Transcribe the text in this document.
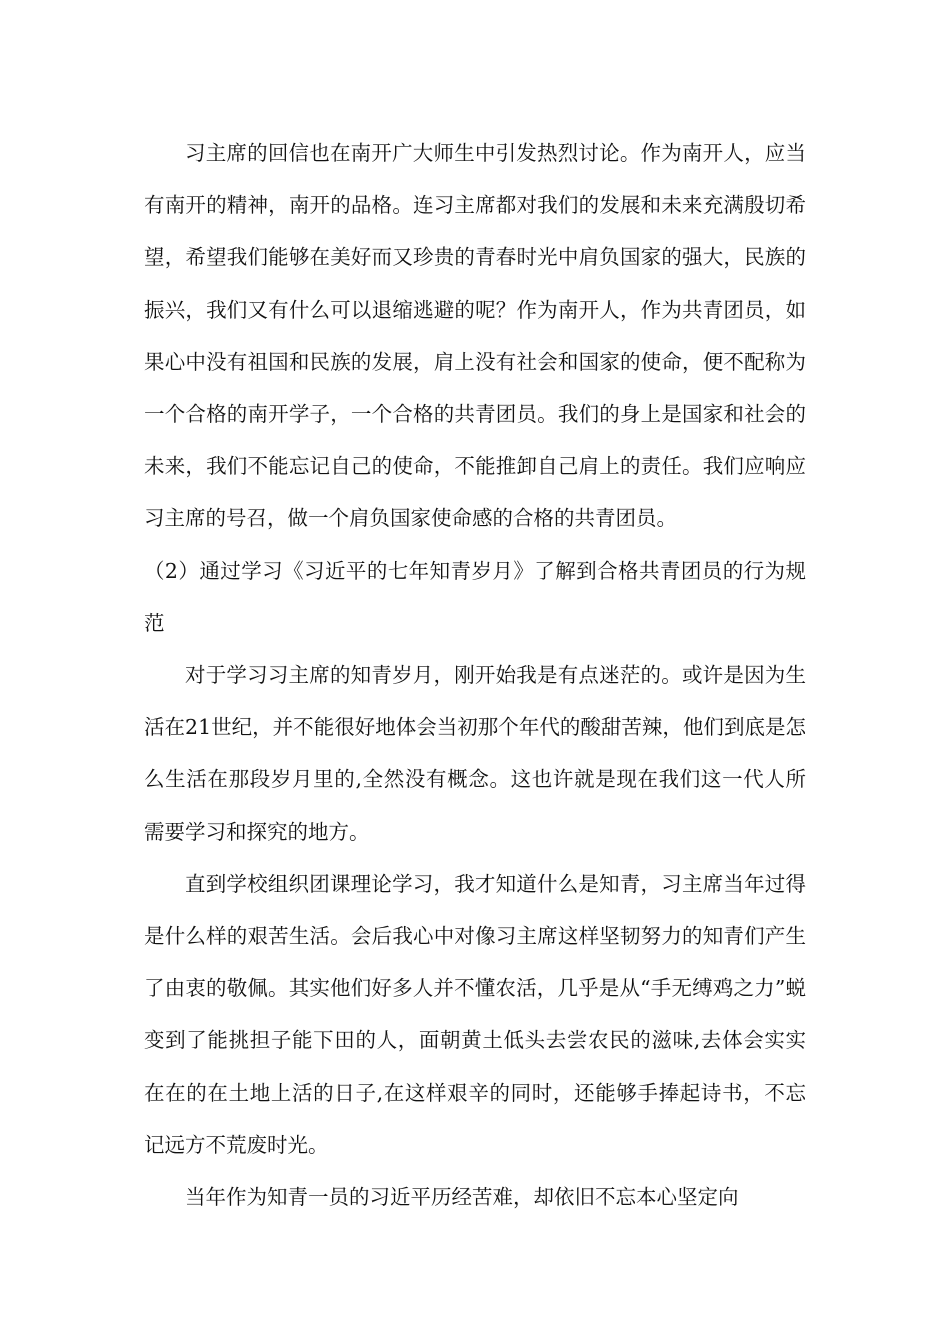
习主席的回信也在南开广大师生中引发热烈讨论。作为南开人，应当有南开的精神，南开的品格。连习主席都对我们的发展和未来充满殷切希望，希望我们能够在美好而又珍贵的青春时光中肩负国家的强大，民族的振兴，我们又有什么可以退缩逃避的呢？作为南开人，作为共青团员，如果心中没有祖国和民族的发展，肩上没有社会和国家的使命，便不配称为一个合格的南开学子，一个合格的共青团员。我们的身上是国家和社会的未来，我们不能忘记自己的使命，不能推卸自己肩上的责任。我们应响应习主席的号召，做一个肩负国家使命感的合格的共青团员。

（2）通过学习《习近平的七年知青岁月》了解到合格共青团员的行为规范

对于学习习主席的知青岁月，刚开始我是有点迷茫的。或许是因为生活在21世纪，并不能很好地体会当初那个年代的酸甜苦辣，他们到底是怎么生活在那段岁月里的,全然没有概念。这也许就是现在我们这一代人所需要学习和探究的地方。

直到学校组织团课理论学习，我才知道什么是知青，习主席当年过得是什么样的艰苦生活。会后我心中对像习主席这样坚韧努力的知青们产生了由衷的敬佩。其实他们好多人并不懂农活，几乎是从“手无缚鸡之力”蜕变到了能挑担子能下田的人，面朝黄土低头去尝农民的滋味,去体会实实在在的在土地上活的日子,在这样艰辛的同时，还能够手捧起诗书，不忘记远方不荒废时光。

当年作为知青一员的习近平历经苦难，却依旧不忘本心坚定向
